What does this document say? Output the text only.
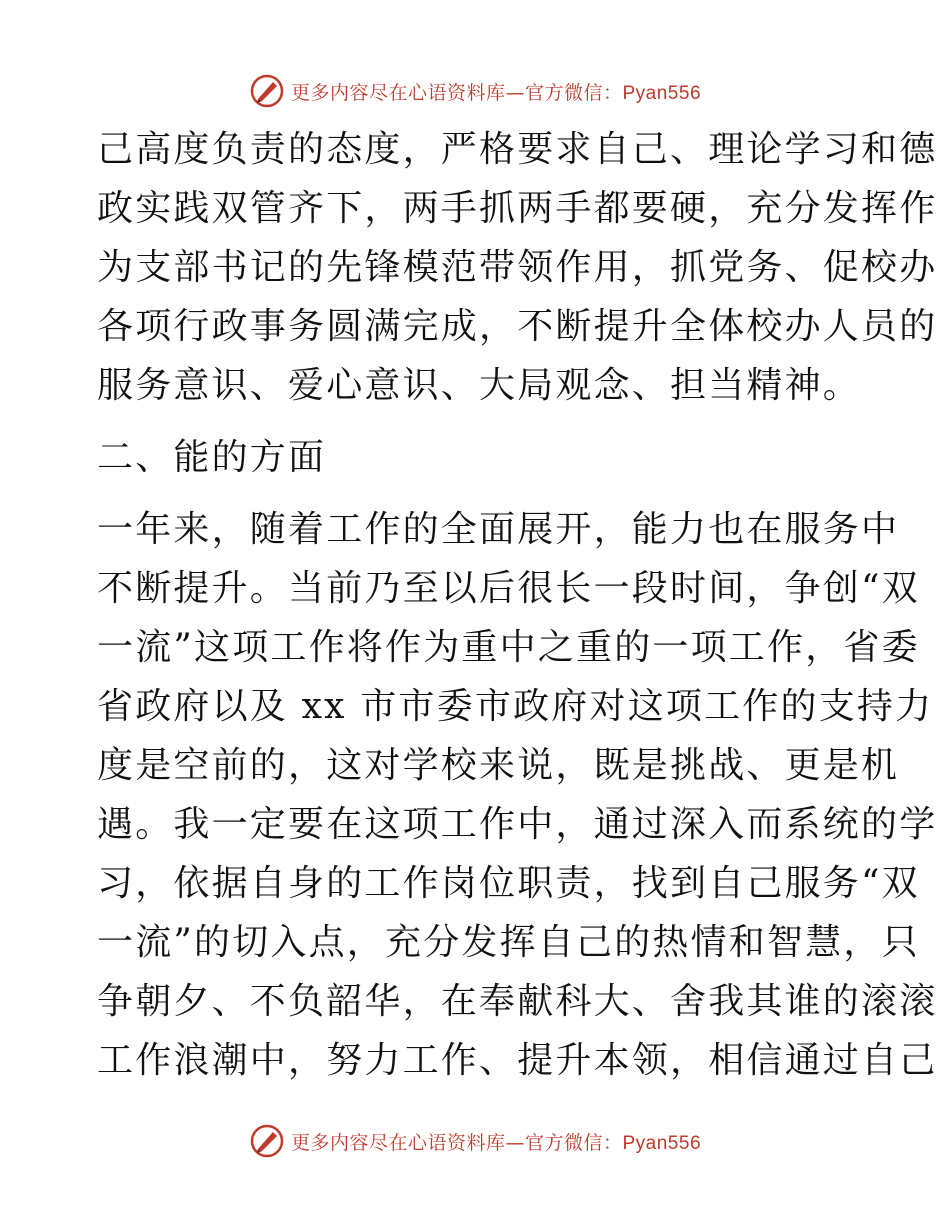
更多内容尽在心语资料库—官方微信：Pyan556
己高度负责的态度，严格要求自己、理论学习和德
政实践双管齐下，两手抓两手都要硬，充分发挥作
为支部书记的先锋模范带领作用，抓党务、促校办
各项行政事务圆满完成，不断提升全体校办人员的
服务意识、爱心意识、大局观念、担当精神。
二、能的方面
一年来，随着工作的全面展开，能力也在服务中
不断提升。当前乃至以后很长一段时间，争创“双
一流”这项工作将作为重中之重的一项工作，省委
省政府以及 xx 市市委市政府对这项工作的支持力
度是空前的，这对学校来说，既是挑战、更是机
遇。我一定要在这项工作中，通过深入而系统的学
习，依据自身的工作岗位职责，找到自己服务“双
一流”的切入点，充分发挥自己的热情和智慧，只
争朝夕、不负韶华，在奉献科大、舍我其谁的滚滚
工作浪潮中，努力工作、提升本领，相信通过自己
更多内容尽在心语资料库—官方微信：Pyan556
